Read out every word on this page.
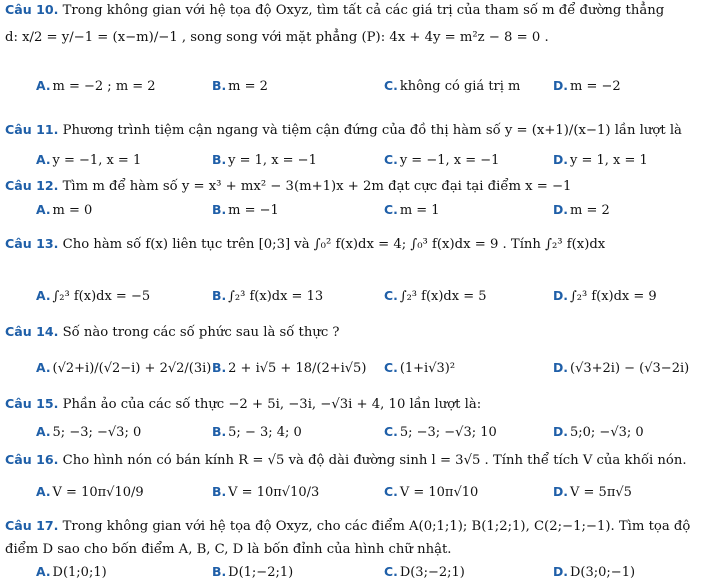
Câu 10. Trong không gian với hệ tọa độ Oxyz, tìm tất cả các giá trị của tham số m để đường thẳng
d: x/2 = y/−1 = (x−m)/−1 , song song với mặt phẳng (P): 4x + 4y = m²z − 8 = 0 .
A. m = −2 ; m = 2	B. m = 2	C. không có giá trị m	D. m = −2
Câu 11. Phương trình tiệm cận ngang và tiệm cận đứng của đồ thị hàm số y = (x+1)/(x−1) lần lượt là
A. y = −1, x = 1	B. y = 1, x = −1	C. y = −1, x = −1	D. y = 1, x = 1
Câu 12. Tìm m để hàm số y = x³ + mx² − 3(m+1)x + 2m đạt cực đại tại điểm x = −1
A. m = 0	B. m = −1	C. m = 1	D. m = 2
Câu 13. Cho hàm số f(x) liên tục trên [0;3] và ∫₀² f(x)dx = 4; ∫₀³ f(x)dx = 9 . Tính ∫₂³ f(x)dx
A. ∫₂³ f(x)dx = −5	B. ∫₂³ f(x)dx = 13	C. ∫₂³ f(x)dx = 5	D. ∫₂³ f(x)dx = 9
Câu 14. Số nào trong các số phức sau là số thực ?
A. (√2+i)/(√2−i) + 2√2/(3i) B. 2 + i√5 + 18/(2+i√5) C. (1+i√3)²	D. (√3+2i) − (√3−2i)
Câu 15. Phần ảo của các số thực −2 + 5i, −3i, −√3i + 4, 10 lần lượt là:
A. 5; −3; −√3; 0	B. 5; − 3; 4; 0	C. 5; −3; −√3; 10	D. 5;0; −√3; 0
Câu 16. Cho hình nón có bán kính R = √5 và độ dài đường sinh l = 3√5 . Tính thể tích V của khối nón.
A. V = 10π√10/9	B. V = 10π√10/3	C. V = 10π√10	D. V = 5π√5
Câu 17. Trong không gian với hệ tọa độ Oxyz, cho các điểm A(0;1;1); B(1;2;1), C(2;−1;−1). Tìm tọa độ
điểm D sao cho bốn điểm A, B, C, D là bốn đỉnh của hình chữ nhật.
A. D(1;0;1)	B. D(1;−2;1)	C. D(3;−2;1)	D. D(3;0;−1)
